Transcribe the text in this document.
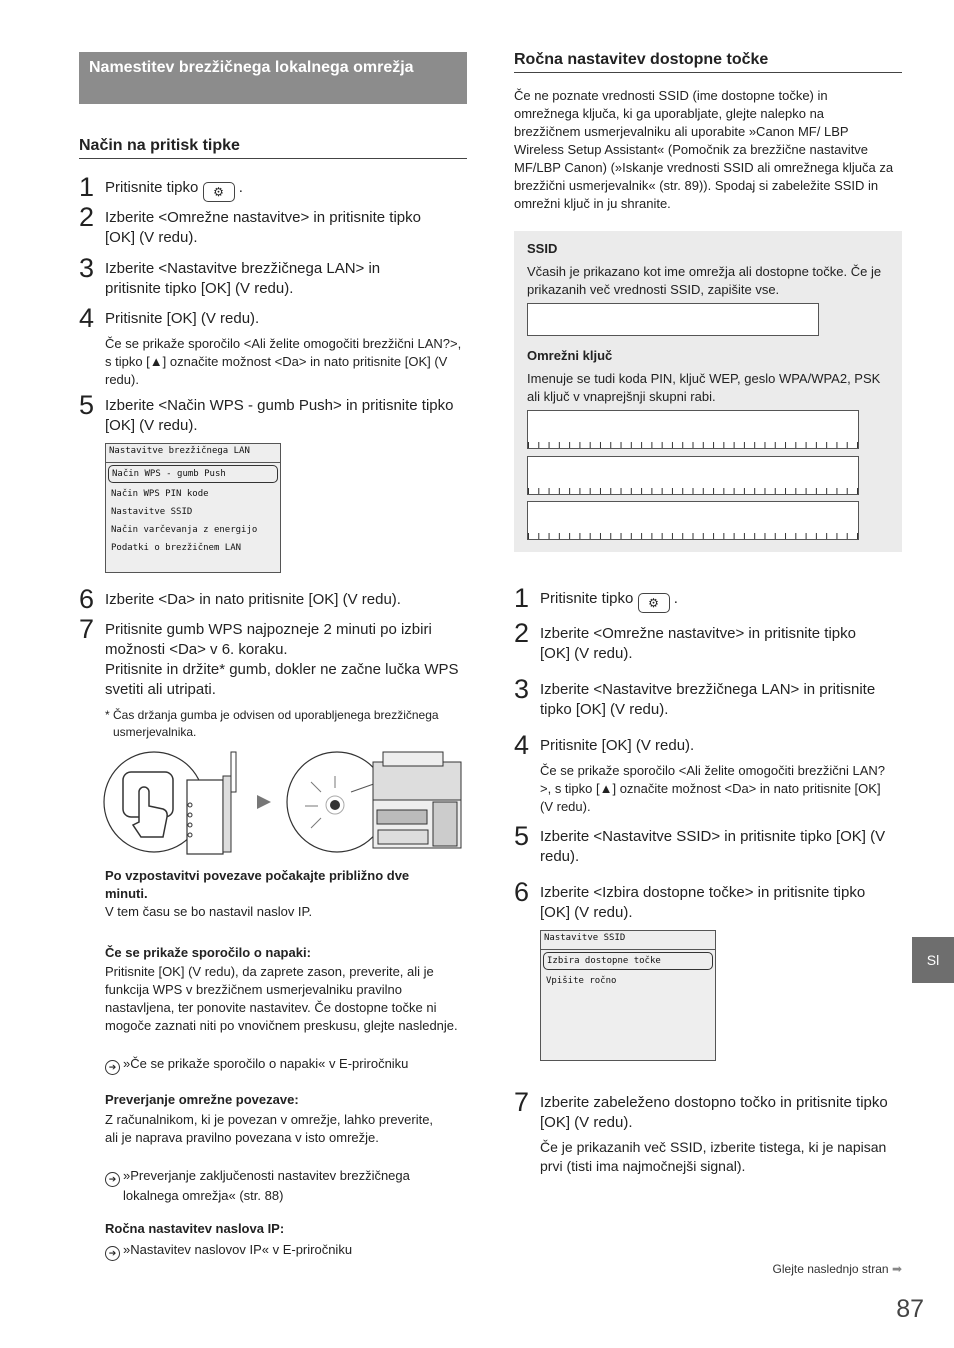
Namestitev brezžičnega lokalnega omrežja
Način na pritisk tipke
1 Pritisnite tipko ⚙ .
2 Izberite <Omrežne nastavitve> in pritisnite tipko [OK] (V redu).
3 Izberite <Nastavitve brezžičnega LAN> in pritisnite tipko [OK] (V redu).
4 Pritisnite [OK] (V redu).
Če se prikaže sporočilo <Ali želite omogočiti brezžični LAN?>, s tipko [▲] označite možnost <Da> in nato pritisnite [OK] (V redu).
5 Izberite <Način WPS - gumb Push> in pritisnite tipko [OK] (V redu).
Nastavitve brezžičnega LAN
Način WPS - gumb Push
Način WPS PIN kode
Nastavitve SSID
Način varčevanja z energijo
Podatki o brezžičnem LAN
6 Izberite <Da> in nato pritisnite [OK] (V redu).
7 Pritisnite gumb WPS najpozneje 2 minuti po izbiri možnosti <Da> v 6. koraku.
Pritisnite in držite* gumb, dokler ne začne lučka WPS svetiti ali utripati.
* Čas držanja gumba je odvisen od uporabljenega brezžičnega usmerjevalnika.
Po vzpostavitvi povezave počakajte približno dve minuti.
V tem času se bo nastavil naslov IP.
Če se prikaže sporočilo o napaki:
Pritisnite [OK] (V redu), da zaprete zason, preverite, ali je funkcija WPS v brezžičnem usmerjevalniku pravilno nastavljena, ter ponovite nastavitev. Če dostopne točke ni mogoče zaznati niti po vnovičnem preskusu, glejte naslednje.
➔ »Če se prikaže sporočilo o napaki« v E-priročniku
Preverjanje omrežne povezave:
Z računalnikom, ki je povezan v omrežje, lahko preverite, ali je naprava pravilno povezana v isto omrežje.
➔ »Preverjanje zaključenosti nastavitev brezžičnega lokalnega omrežja« (str. 88)
Ročna nastavitev naslova IP:
➔ »Nastavitev naslovov IP« v E-priročniku
Ročna nastavitev dostopne točke
Če ne poznate vrednosti SSID (ime dostopne točke) in omrežnega ključa, ki ga uporabljate, glejte nalepko na brezžičnem usmerjevalniku ali uporabite »Canon MF/ LBP Wireless Setup Assistant« (Pomočnik za brezžične nastavitve MF/LBP Canon) (»Iskanje vrednosti SSID ali omrežnega ključa za brezžični usmerjevalnik« (str. 89)). Spodaj si zabeležite SSID in omrežni ključ in ju shranite.
SSID
Včasih je prikazano kot ime omrežja ali dostopne točke. Če je prikazanih več vrednosti SSID, zapišite vse.
Omrežni ključ
Imenuje se tudi koda PIN, ključ WEP, geslo WPA/WPA2, PSK ali ključ v vnaprejšnji skupni rabi.
1 Pritisnite tipko ⚙ .
2 Izberite <Omrežne nastavitve> in pritisnite tipko [OK] (V redu).
3 Izberite <Nastavitve brezžičnega LAN> in pritisnite tipko [OK] (V redu).
4 Pritisnite [OK] (V redu).
Če se prikaže sporočilo <Ali želite omogočiti brezžični LAN?>, s tipko [▲] označite možnost <Da> in nato pritisnite [OK] (V redu).
5 Izberite <Nastavitve SSID> in pritisnite tipko [OK] (V redu).
6 Izberite <Izbira dostopne točke> in pritisnite tipko [OK] (V redu).
Nastavitve SSID
Izbira dostopne točke
Vpišite ročno
7 Izberite zabeleženo dostopno točko in pritisnite tipko [OK] (V redu).
Če je prikazanih več SSID, izberite tistega, ki je napisan prvi (tisti ima najmočnejši signal).
Sl
Glejte naslednjo stran ➡
87
